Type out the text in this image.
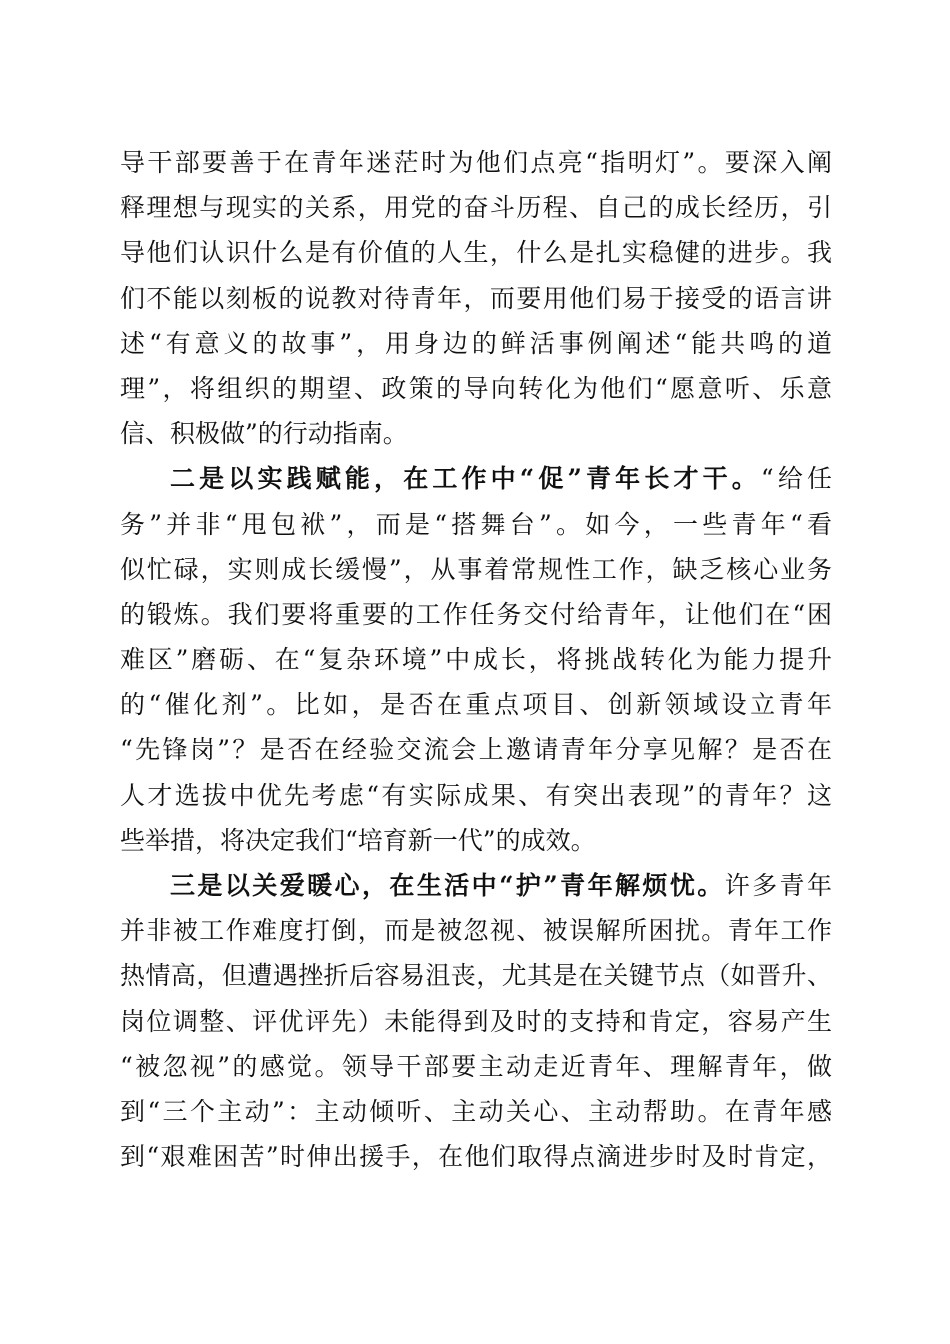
导干部要善于在青年迷茫时为他们点亮“指明灯”。要深入阐
释理想与现实的关系，用党的奋斗历程、自己的成长经历，引
导他们认识什么是有价值的人生，什么是扎实稳健的进步。我
们不能以刻板的说教对待青年，而要用他们易于接受的语言讲
述“有意义的故事”，用身边的鲜活事例阐述“能共鸣的道
理”，将组织的期望、政策的导向转化为他们“愿意听、乐意
信、积极做”的行动指南。
二是以实践赋能，在工作中“促”青年长才干。“给任
务”并非“甩包袱”，而是“搭舞台”。如今，一些青年“看
似忙碌，实则成长缓慢”，从事着常规性工作，缺乏核心业务
的锻炼。我们要将重要的工作任务交付给青年，让他们在“困
难区”磨砺、在“复杂环境”中成长，将挑战转化为能力提升
的“催化剂”。比如，是否在重点项目、创新领域设立青年
“先锋岗”？是否在经验交流会上邀请青年分享见解？是否在
人才选拔中优先考虑“有实际成果、有突出表现”的青年？这
些举措，将决定我们“培育新一代”的成效。
三是以关爱暖心，在生活中“护”青年解烦忧。许多青年
并非被工作难度打倒，而是被忽视、被误解所困扰。青年工作
热情高，但遭遇挫折后容易沮丧，尤其是在关键节点（如晋升、
岗位调整、评优评先）未能得到及时的支持和肯定，容易产生
“被忽视”的感觉。领导干部要主动走近青年、理解青年，做
到“三个主动”：主动倾听、主动关心、主动帮助。在青年感
到“艰难困苦”时伸出援手，在他们取得点滴进步时及时肯定，
